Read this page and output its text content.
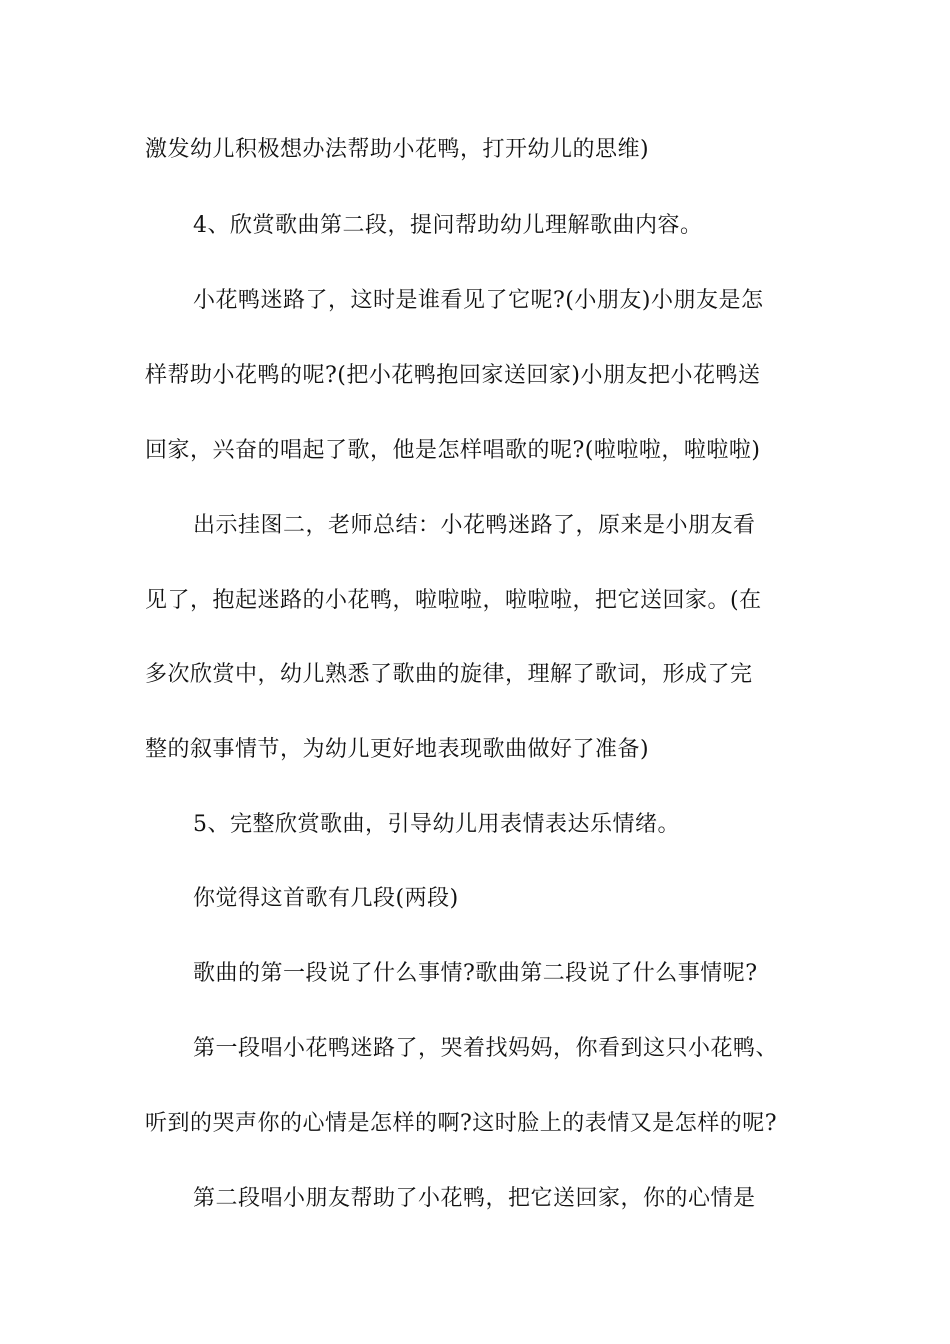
激发幼儿积极想办法帮助小花鸭，打开幼儿的思维)
4、欣赏歌曲第二段，提问帮助幼儿理解歌曲内容。
小花鸭迷路了，这时是谁看见了它呢?(小朋友)小朋友是怎
样帮助小花鸭的呢?(把小花鸭抱回家送回家)小朋友把小花鸭送
回家，兴奋的唱起了歌，他是怎样唱歌的呢?(啦啦啦，啦啦啦)
出示挂图二，老师总结：小花鸭迷路了，原来是小朋友看
见了，抱起迷路的小花鸭，啦啦啦，啦啦啦，把它送回家。(在
多次欣赏中，幼儿熟悉了歌曲的旋律，理解了歌词，形成了完
整的叙事情节，为幼儿更好地表现歌曲做好了准备)
5、完整欣赏歌曲，引导幼儿用表情表达乐情绪。
你觉得这首歌有几段(两段)
歌曲的第一段说了什么事情?歌曲第二段说了什么事情呢?
第一段唱小花鸭迷路了，哭着找妈妈，你看到这只小花鸭、
听到的哭声你的心情是怎样的啊?这时脸上的表情又是怎样的呢?
第二段唱小朋友帮助了小花鸭，把它送回家，你的心情是
